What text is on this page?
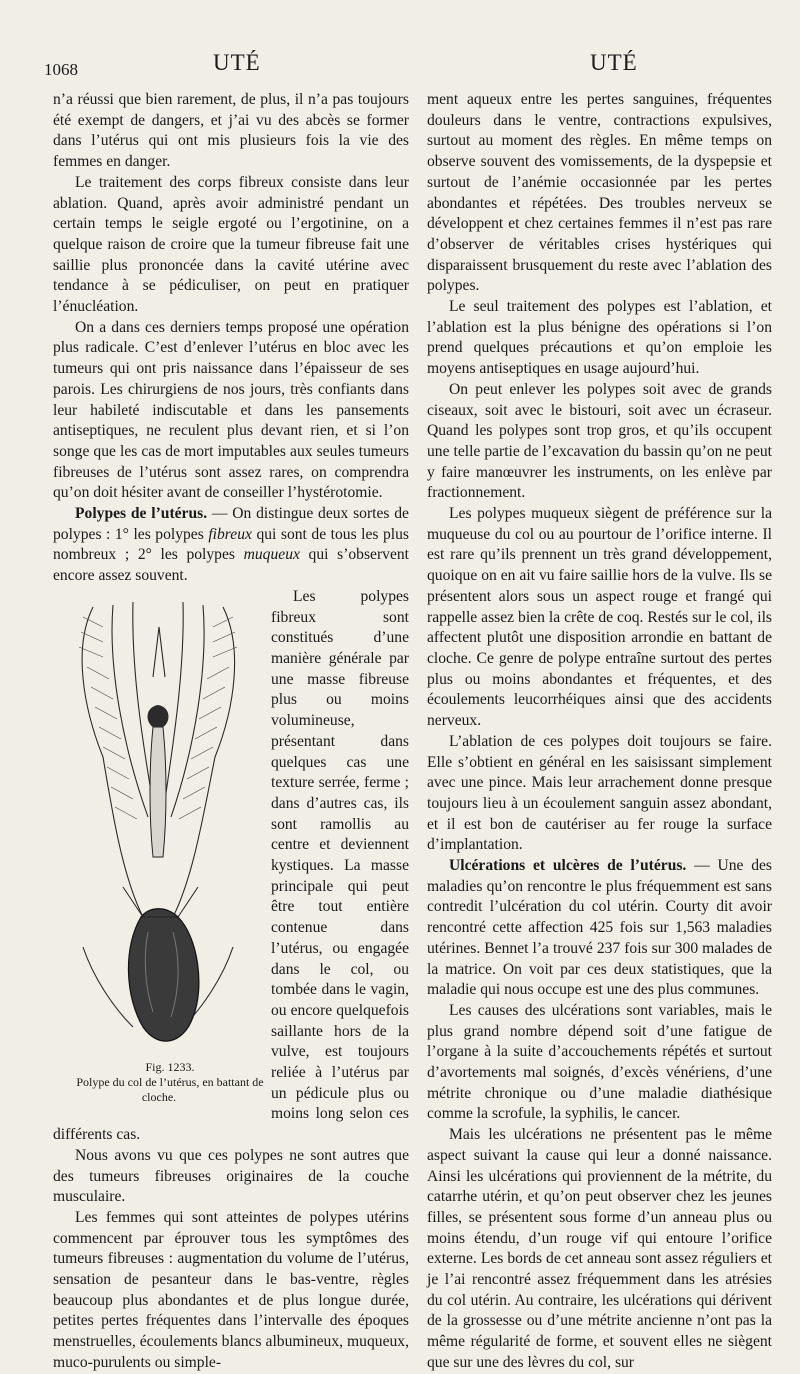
1068	UTÉ	UTÉ

n’a réussi que bien rarement, de plus, il n’a pas toujours été exempt de dangers, et j’ai vu des abcès se former dans l’utérus qui ont mis plusieurs fois la vie des femmes en danger.

Le traitement des corps fibreux consiste dans leur ablation. Quand, après avoir administré pendant un certain temps le seigle ergoté ou l’ergotinine, on a quelque raison de croire que la tumeur fibreuse fait une saillie plus prononcée dans la cavité utérine avec tendance à se pédiculiser, on peut en pratiquer l’énucléation.

On a dans ces derniers temps proposé une opération plus radicale. C’est d’enlever l’utérus en bloc avec les tumeurs qui ont pris naissance dans l’épaisseur de ses parois. Les chirurgiens de nos jours, très confiants dans leur habileté indiscutable et dans les pansements antiseptiques, ne reculent plus devant rien, et si l’on songe que les cas de mort imputables aux seules tumeurs fibreuses de l’utérus sont assez rares, on comprendra qu’on doit hésiter avant de conseiller l’hystérotomie.

Polypes de l’utérus. — On distingue deux sortes de polypes : 1° les polypes fibreux qui sont de tous les plus nombreux ; 2° les polypes muqueux qui s’observent encore assez souvent.

Fig. 1233.
Polype du col de l’utérus, en battant de cloche.
Les polypes fibreux sont constitués d’une manière générale par une masse fibreuse plus ou moins volumineuse, présentant dans quelques cas une texture serrée, ferme ; dans d’autres cas, ils sont ramollis au centre et deviennent kystiques. La masse principale qui peut être tout entière contenue dans l’utérus, ou engagée dans le col, ou tombée dans le vagin, ou encore quelquefois saillante hors de la vulve, est toujours reliée à l’utérus par un pédicule plus ou moins long selon ces différents cas.
Nous avons vu que ces polypes ne sont autres que des tumeurs fibreuses originaires de la couche musculaire.
Les femmes qui sont atteintes de polypes utérins commencent par éprouver tous les symptômes des tumeurs fibreuses : augmentation du volume de l’utérus, sensation de pesanteur dans le bas-ventre, règles beaucoup plus abondantes et de plus longue durée, petites pertes fréquentes dans l’intervalle des époques menstruelles, écoulements blancs albumineux, muqueux, muco-purulents ou simple-

ment aqueux entre les pertes sanguines, fréquentes douleurs dans le ventre, contractions expulsives, surtout au moment des règles. En même temps on observe souvent des vomissements, de la dyspepsie et surtout de l’anémie occasionnée par les pertes abondantes et répétées. Des troubles nerveux se développent et chez certaines femmes il n’est pas rare d’observer de véritables crises hystériques qui disparaissent brusquement du reste avec l’ablation des polypes.

Le seul traitement des polypes est l’ablation, et l’ablation est la plus bénigne des opérations si l’on prend quelques précautions et qu’on emploie les moyens antiseptiques en usage aujourd’hui.

On peut enlever les polypes soit avec de grands ciseaux, soit avec le bistouri, soit avec un écraseur. Quand les polypes sont trop gros, et qu’ils occupent une telle partie de l’excavation du bassin qu’on ne peut y faire manœuvrer les instruments, on les enlève par fractionnement.

Les polypes muqueux siègent de préférence sur la muqueuse du col ou au pourtour de l’orifice interne. Il est rare qu’ils prennent un très grand développement, quoique on en ait vu faire saillie hors de la vulve. Ils se présentent alors sous un aspect rouge et frangé qui rappelle assez bien la crête de coq. Restés sur le col, ils affectent plutôt une disposition arrondie en battant de cloche. Ce genre de polype entraîne surtout des pertes plus ou moins abondantes et fréquentes, et des écoulements leucorrhéiques ainsi que des accidents nerveux.

L’ablation de ces polypes doit toujours se faire. Elle s’obtient en général en les saisissant simplement avec une pince. Mais leur arrachement donne presque toujours lieu à un écoulement sanguin assez abondant, et il est bon de cautériser au fer rouge la surface d’implantation.

Ulcérations et ulcères de l’utérus. — Une des maladies qu’on rencontre le plus fréquemment est sans contredit l’ulcération du col utérin. Courty dit avoir rencontré cette affection 425 fois sur 1,563 maladies utérines. Bennet l’a trouvé 237 fois sur 300 malades de la matrice. On voit par ces deux statistiques, que la maladie qui nous occupe est une des plus communes.

Les causes des ulcérations sont variables, mais le plus grand nombre dépend soit d’une fatigue de l’organe à la suite d’accouchements répétés et surtout d’avortements mal soignés, d’excès vénériens, d’une métrite chronique ou d’une maladie diathésique comme la scrofule, la syphilis, le cancer.

Mais les ulcérations ne présentent pas le même aspect suivant la cause qui leur a donné naissance. Ainsi les ulcérations qui proviennent de la métrite, du catarrhe utérin, et qu’on peut observer chez les jeunes filles, se présentent sous forme d’un anneau plus ou moins étendu, d’un rouge vif qui entoure l’orifice externe. Les bords de cet anneau sont assez réguliers et je l’ai rencontré assez fréquemment dans les atrésies du col utérin. Au contraire, les ulcérations qui dérivent de la grossesse ou d’une métrite ancienne n’ont pas la même régularité de forme, et souvent elles ne siègent que sur une des lèvres du col, sur
